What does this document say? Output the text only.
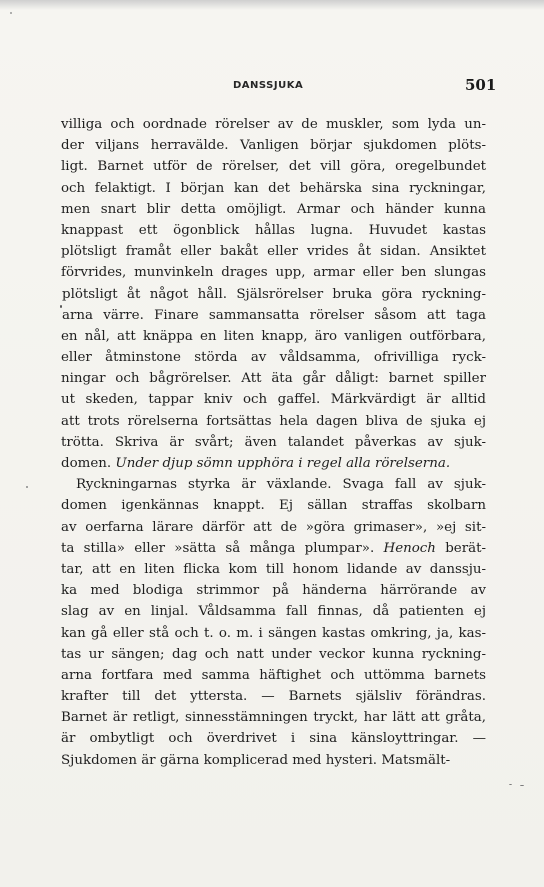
DANSSJUKA	501
villiga och oordnade rörelser av de muskler, som lyda un-
der viljans herravälde. Vanligen börjar sjukdomen plöts-
ligt. Barnet utför de rörelser, det vill göra, oregelbundet
och felaktigt. I början kan det behärska sina ryckningar,
men snart blir detta omöjligt. Armar och händer kunna
knappast ett ögonblick hållas lugna. Huvudet kastas
plötsligt framåt eller bakåt eller vrides åt sidan. Ansiktet
förvrides, munvinkeln drages upp, armar eller ben slungas
plötsligt åt något håll. Själsrörelser bruka göra ryckning-
arna värre. Finare sammansatta rörelser såsom att taga
en nål, att knäppa en liten knapp, äro vanligen outförbara,
eller åtminstone störda av våldsamma, ofrivilliga ryck-
ningar och bågrörelser. Att äta går dåligt: barnet spiller
ut skeden, tappar kniv och gaffel. Märkvärdigt är alltid
att trots rörelserna fortsättas hela dagen bliva de sjuka ej
trötta. Skriva är svårt; även talandet påverkas av sjuk-
domen. Under djup sömn upphöra i regel alla rörelserna.
Ryckningarnas styrka är växlande. Svaga fall av sjuk-
domen igenkännas knappt. Ej sällan straffas skolbarn
av oerfarna lärare därför att de »göra grimaser», »ej sit-
ta stilla» eller »sätta så många plumpar». Henoch berät-
tar, att en liten flicka kom till honom lidande av danssju-
ka med blodiga strimmor på händerna härrörande av
slag av en linjal. Våldsamma fall finnas, då patienten ej
kan gå eller stå och t. o. m. i sängen kastas omkring, ja, kas-
tas ur sängen; dag och natt under veckor kunna ryckning-
arna fortfara med samma häftighet och uttömma barnets
krafter till det yttersta. — Barnets själsliv förändras.
Barnet är retligt, sinnesstämningen tryckt, har lätt att gråta,
är ombytligt och överdrivet i sina känsloyttringar. —
Sjukdomen är gärna komplicerad med hysteri. Matsmält-
